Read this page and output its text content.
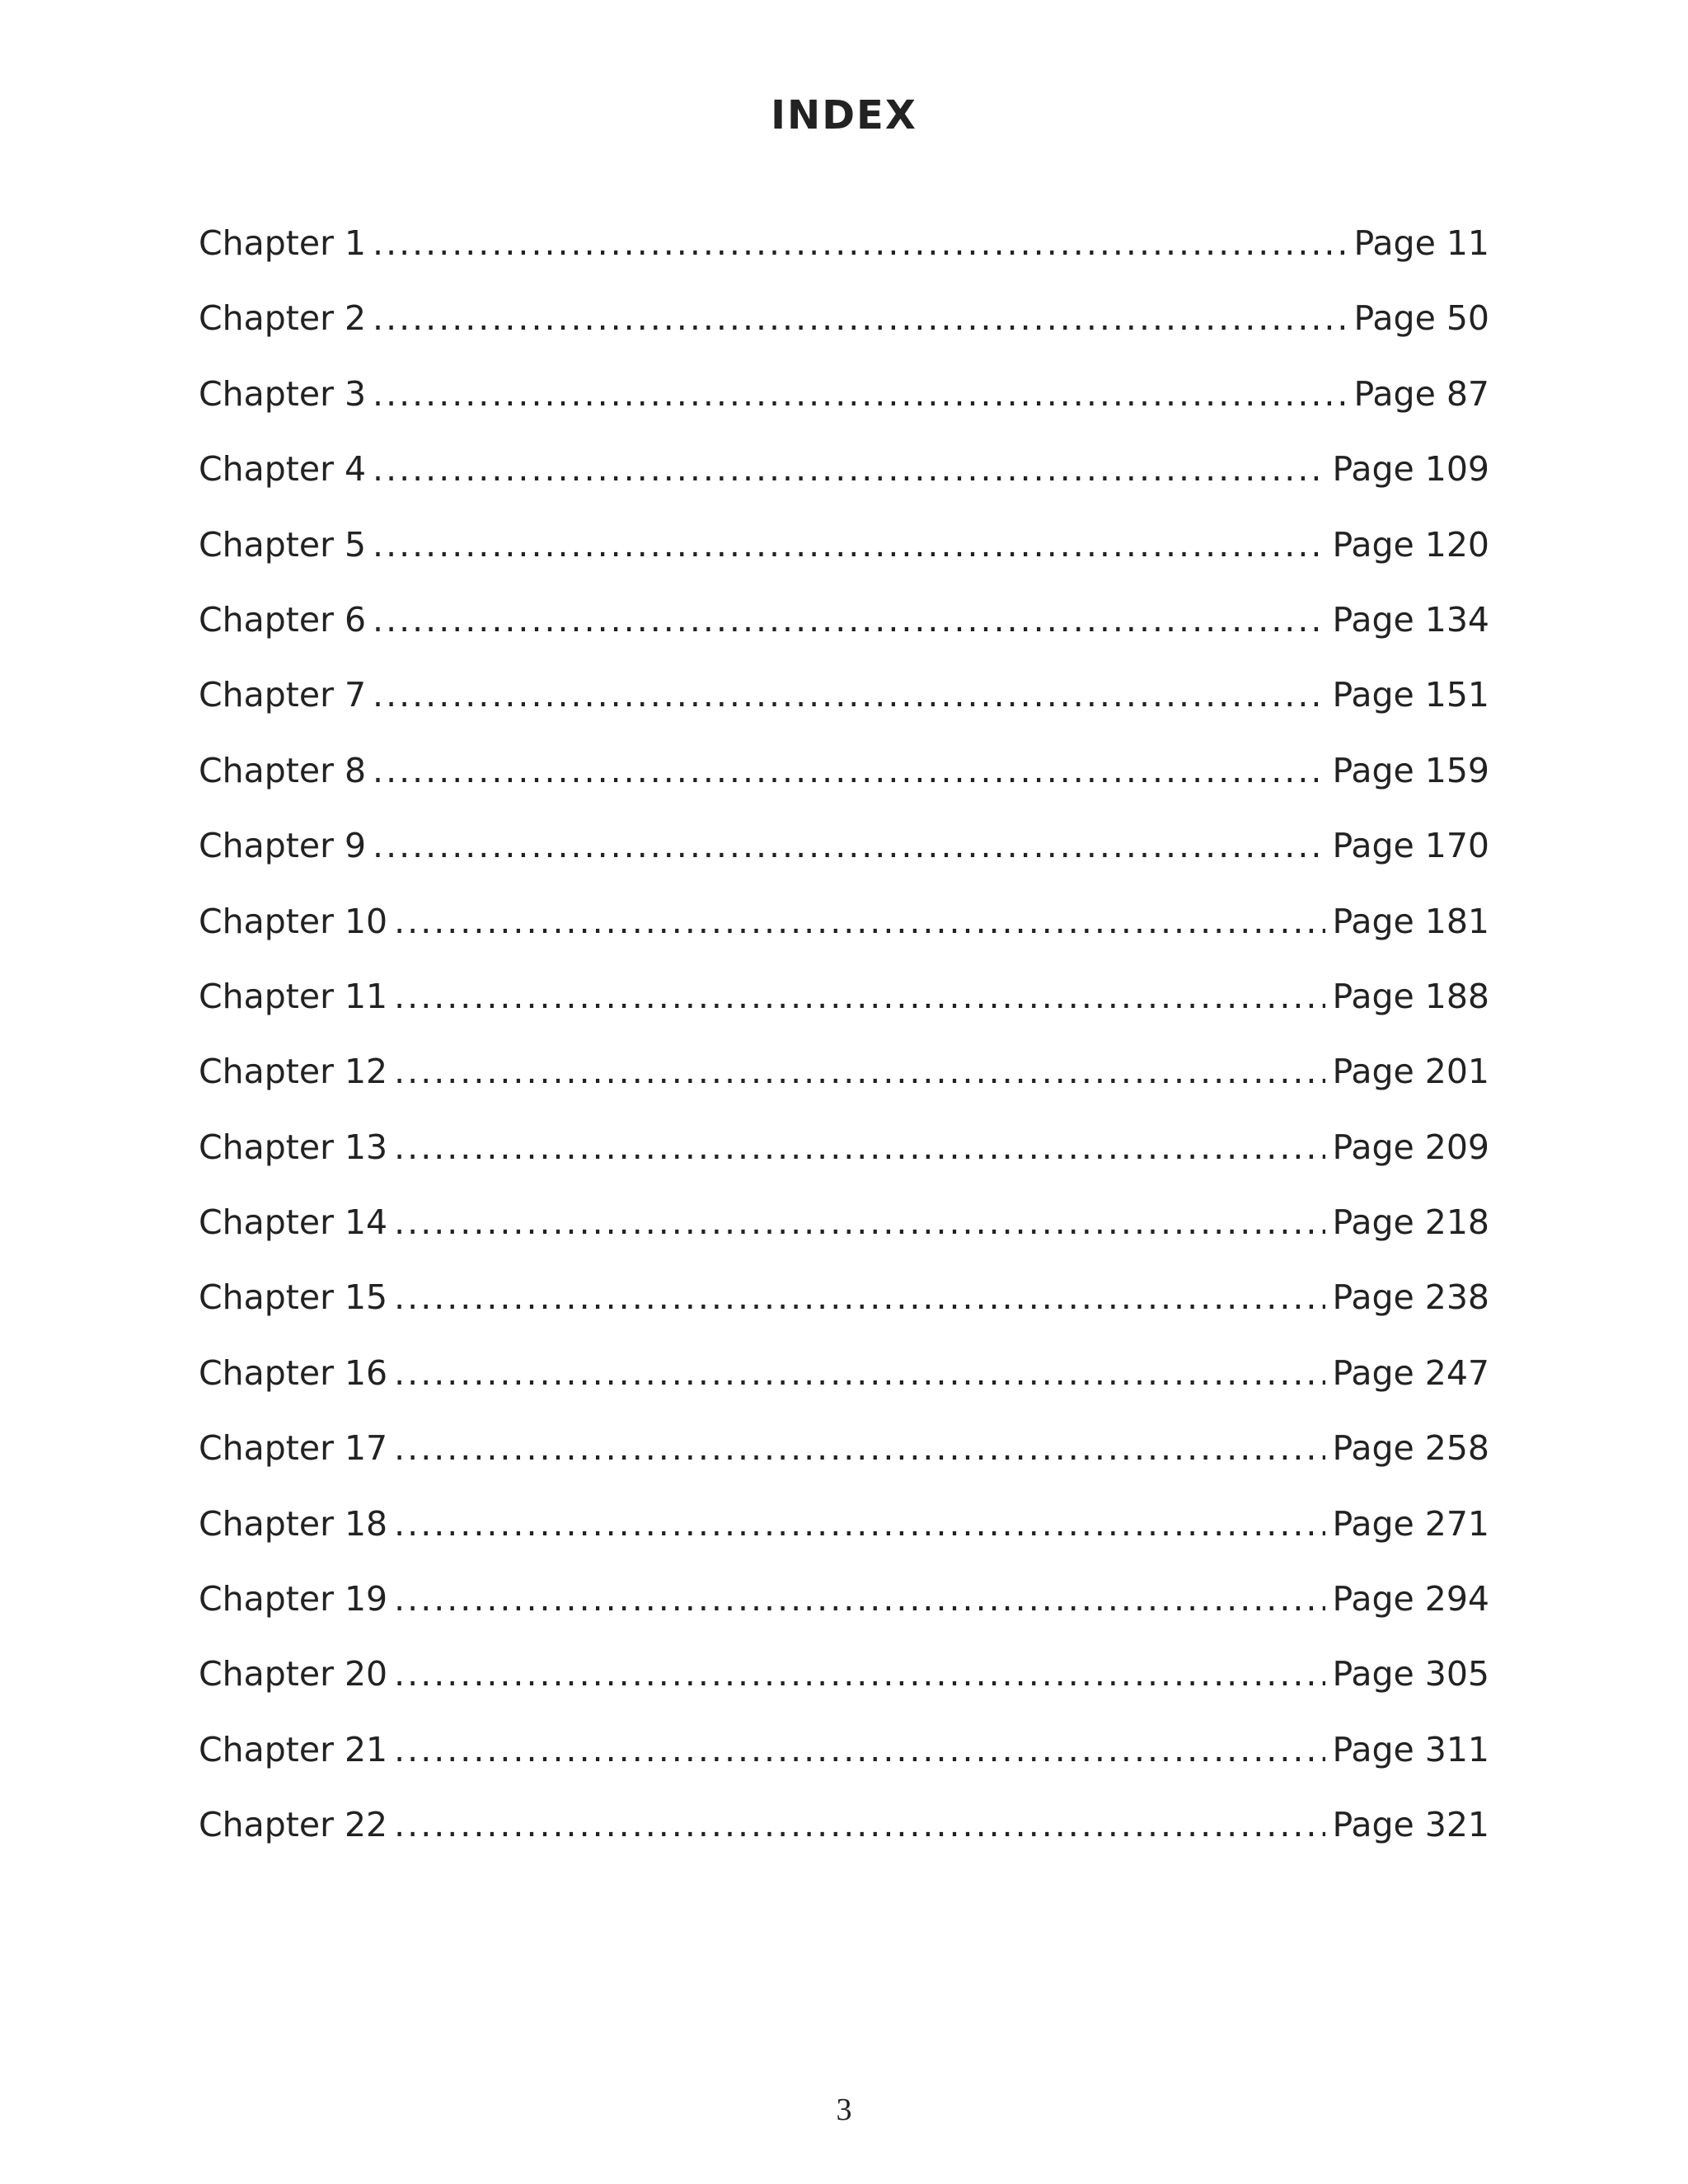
INDEX
Chapter 1 .....	Page 11
Chapter 2 .....	Page 50
Chapter 3 .....	Page 87
Chapter 4 .....	Page 109
Chapter 5 .....	Page 120
Chapter 6 .....	Page 134
Chapter 7 .....	Page 151
Chapter 8 .....	Page 159
Chapter 9 .....	Page 170
Chapter 10 .....	Page 181
Chapter 11 .....	Page 188
Chapter 12 .....	Page 201
Chapter 13 .....	Page 209
Chapter 14 .....	Page 218
Chapter 15 .....	Page 238
Chapter 16 .....	Page 247
Chapter 17 .....	Page 258
Chapter 18 .....	Page 271
Chapter 19 .....	Page 294
Chapter 20 .....	Page 305
Chapter 21 .....	Page 311
Chapter 22 .....	Page 321
3
